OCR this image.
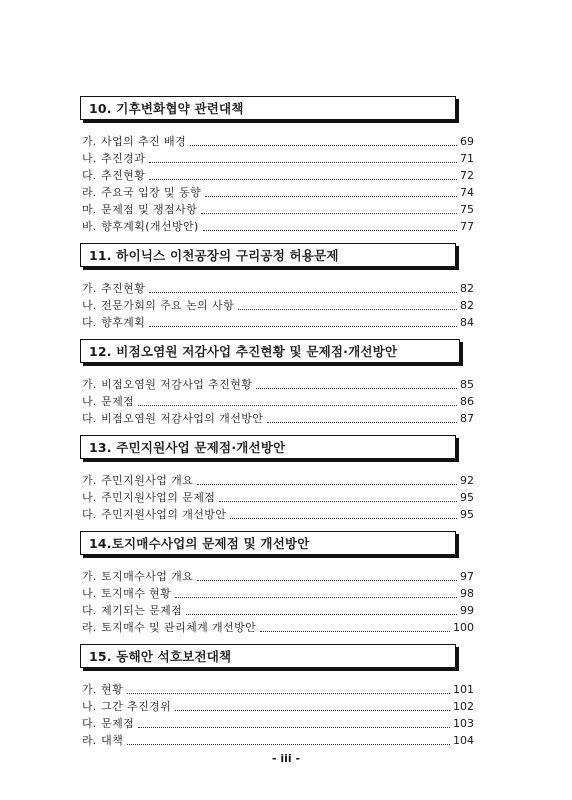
10. 기후변화협약 관련대책
가. 사업의 추진 배경	69
나. 추진경과	71
다. 추진현황	72
라. 주요국 입장 및 동향	74
마. 문제점 및 쟁점사항	75
바. 향후계획(개선방안)	77
11. 하이닉스 이천공장의 구리공정 허용문제
가. 추진현황	82
나. 전문가회의 주요 논의 사항	82
다. 향후계획	84
12. 비점오염원 저감사업 추진현황 및 문제점·개선방안
가. 비점오염원 저감사업 추진현황	85
나. 문제점	86
다. 비점오염원 저감사업의 개선방안	87
13. 주민지원사업 문제점·개선방안
가. 주민지원사업 개요	92
나. 주민지원사업의 문제점	95
다. 주민지원사업의 개선방안	95
14.토지매수사업의 문제점 및 개선방안
가. 토지매수사업 개요	97
나. 토지매수 현황	98
다. 제기되는 문제점	99
라. 토지매수 및 관리체계 개선방안	100
15. 동해안 석호보전대책
가. 현황	101
나. 그간 추진경위	102
다. 문제점	103
라. 대책	104
- iii -
